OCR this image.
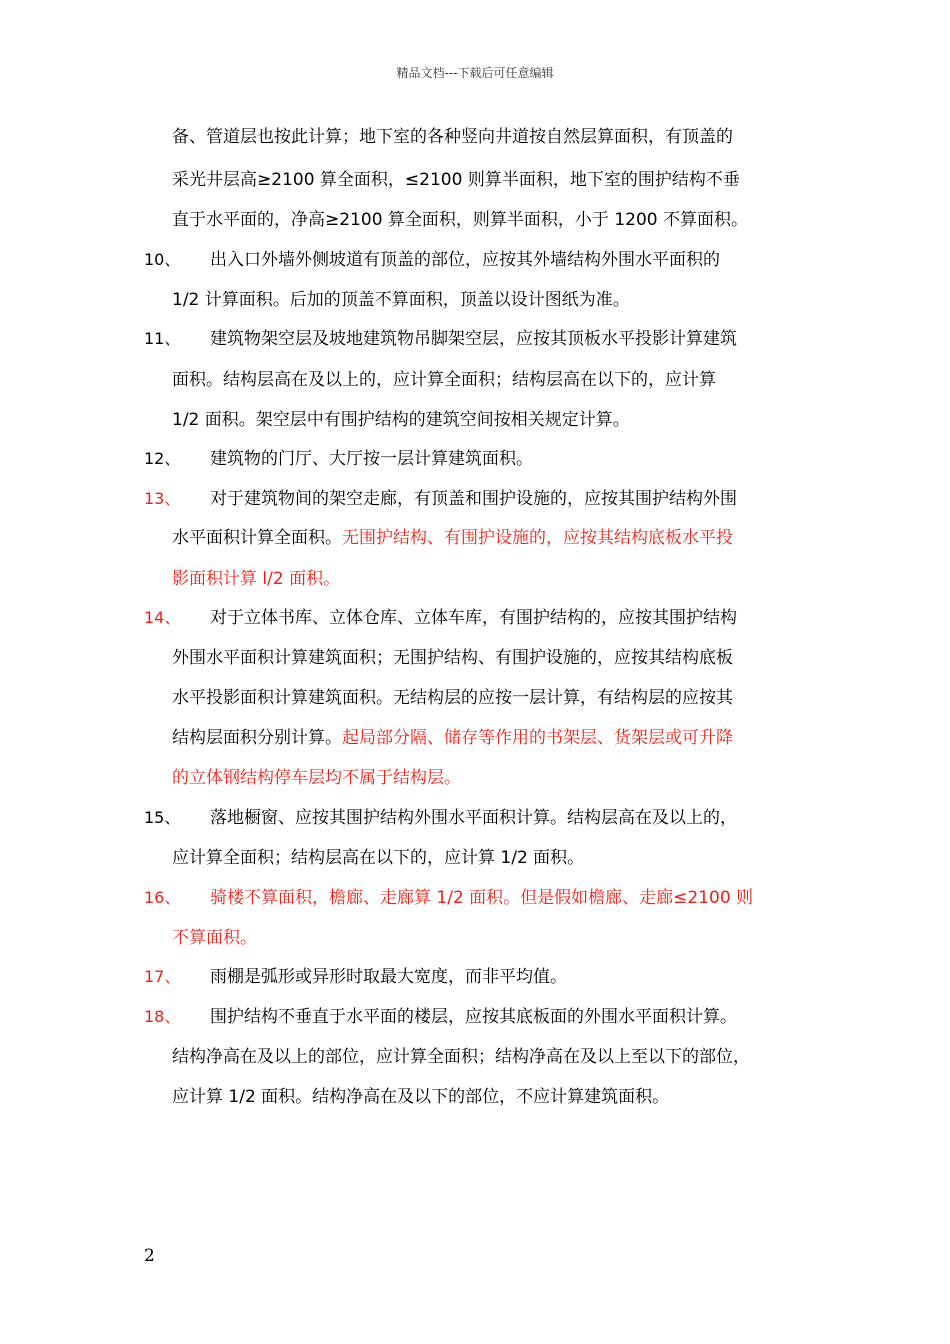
精品文档---下载后可任意编辑
备、管道层也按此计算；地下室的各种竖向井道按自然层算面积，有顶盖的
采光井层高≥2100 算全面积，≤2100 则算半面积，地下室的围护结构不垂
直于水平面的，净高≥2100 算全面积，则算半面积，小于 1200 不算面积。
10、 出入口外墙外侧坡道有顶盖的部位，应按其外墙结构外围水平面积的
1/2 计算面积。后加的顶盖不算面积，顶盖以设计图纸为准。
11、 建筑物架空层及坡地建筑物吊脚架空层，应按其顶板水平投影计算建筑
面积。结构层高在及以上的，应计算全面积；结构层高在以下的，应计算
1/2 面积。架空层中有围护结构的建筑空间按相关规定计算。
12、 建筑物的门厅、大厅按一层计算建筑面积。
13、 对于建筑物间的架空走廊，有顶盖和围护设施的，应按其围护结构外围
水平面积计算全面积。无围护结构、有围护设施的，应按其结构底板水平投
影面积计算 l/2 面积。
14、 对于立体书库、立体仓库、立体车库，有围护结构的，应按其围护结构
外围水平面积计算建筑面积；无围护结构、有围护设施的，应按其结构底板
水平投影面积计算建筑面积。无结构层的应按一层计算，有结构层的应按其
结构层面积分别计算。起局部分隔、储存等作用的书架层、货架层或可升降
的立体钢结构停车层均不属于结构层。
15、 落地橱窗、应按其围护结构外围水平面积计算。结构层高在及以上的，
应计算全面积；结构层高在以下的，应计算 1/2 面积。
16、 骑楼不算面积，檐廊、走廊算 1/2 面积。但是假如檐廊、走廊≤2100 则
不算面积。
17、 雨棚是弧形或异形时取最大宽度，而非平均值。
18、 围护结构不垂直于水平面的楼层，应按其底板面的外围水平面积计算。
结构净高在及以上的部位，应计算全面积；结构净高在及以上至以下的部位，
应计算 1/2 面积。结构净高在及以下的部位，不应计算建筑面积。
2
